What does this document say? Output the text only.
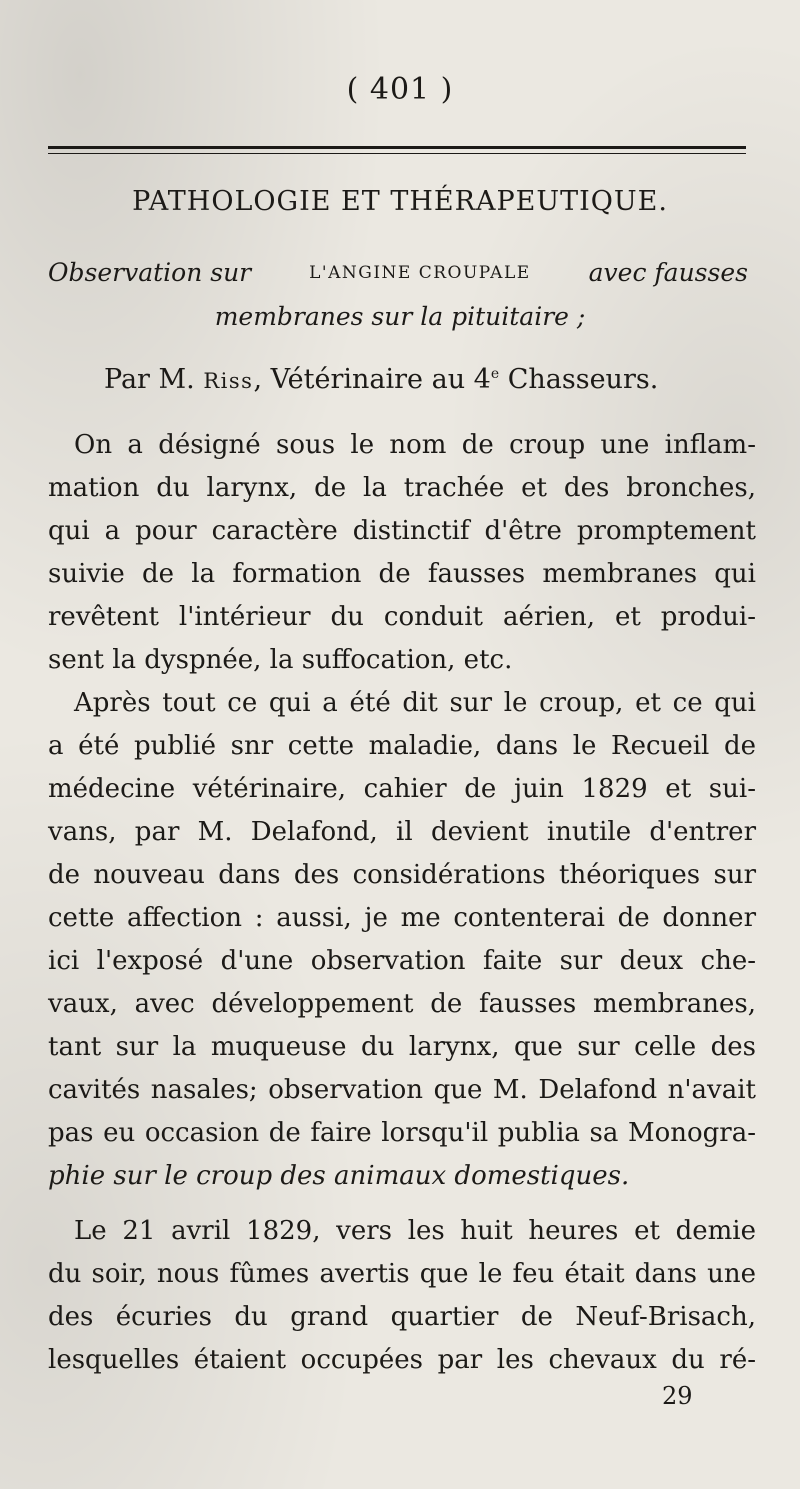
( 401 )
PATHOLOGIE ET THÉRAPEUTIQUE.
Observation sur	L'ANGINE CROUPALE avec fausses
membranes sur la pituitaire ;
Par M. Riss, Vétérinaire au 4e Chasseurs.
On a désigné sous le nom de croup une inflam-
mation du larynx, de la trachée et des bronches,
qui a pour caractère distinctif d'être promptement
suivie de la formation de fausses membranes qui
revêtent l'intérieur du conduit aérien, et produi-
sent la dyspnée, la suffocation, etc.
Après tout ce qui a été dit sur le croup, et ce qui
a été publié snr cette maladie, dans le Recueil de
médecine vétérinaire, cahier de juin 1829 et sui-
vans, par M. Delafond, il devient inutile d'entrer
de nouveau dans des considérations théoriques sur
cette affection : aussi, je me contenterai de donner
ici l'exposé d'une observation faite sur deux che-
vaux, avec développement de fausses membranes,
tant sur la muqueuse du larynx, que sur celle des
cavités nasales; observation que M. Delafond n'avait
pas eu occasion de faire lorsqu'il publia sa Monogra-
phie sur le croup des animaux domestiques.
Le 21 avril 1829, vers les huit heures et demie
du soir, nous fûmes avertis que le feu était dans une
des écuries du grand quartier de Neuf-Brisach,
lesquelles étaient occupées par les chevaux du ré-
29
